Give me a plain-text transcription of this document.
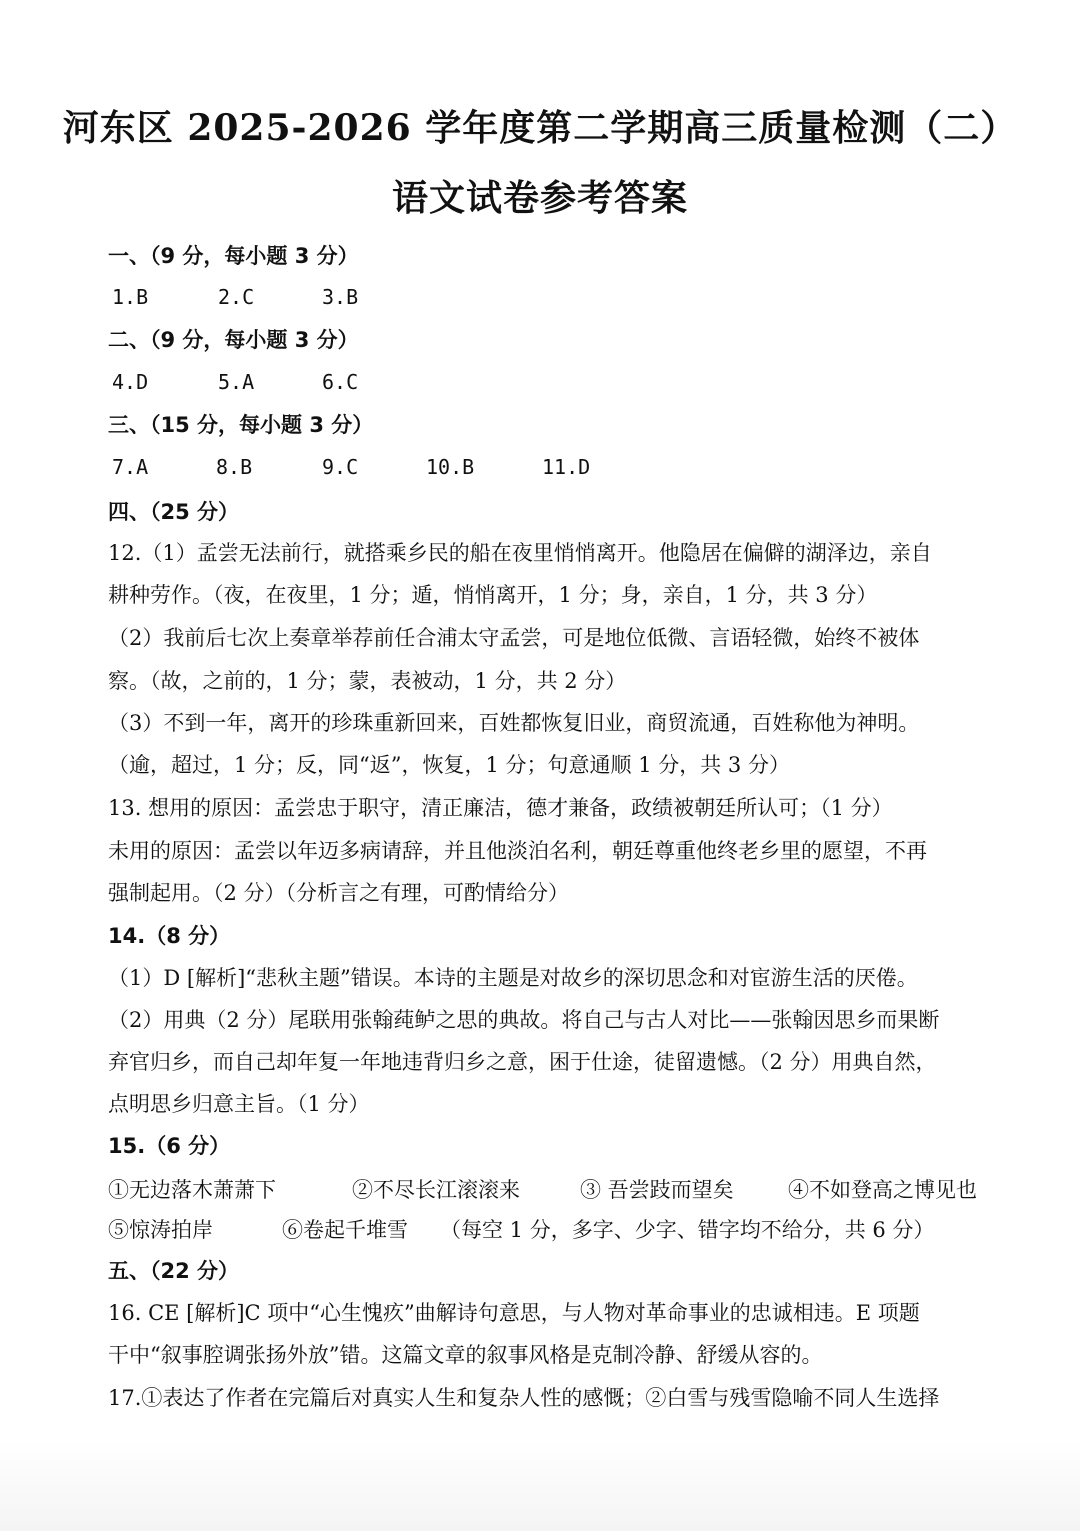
河东区 2025-2026 学年度第二学期高三质量检测（二）
语文试卷参考答案
一、（9 分，每小题 3 分）
1.B	2.C	3.B
二、（9 分，每小题 3 分）
4.D	5.A	6.C
三、（15 分，每小题 3 分）
7.A	8.B	9.C	10.B	11.D
四、（25 分）
12.（1）孟尝无法前行，就搭乘乡民的船在夜里悄悄离开。他隐居在偏僻的湖泽边，亲自
耕种劳作。（夜，在夜里，1 分；遁，悄悄离开，1 分；身，亲自，1 分，共 3 分）
（2）我前后七次上奏章举荐前任合浦太守孟尝，可是地位低微、言语轻微，始终不被体
察。（故，之前的，1 分；蒙，表被动，1 分，共 2 分）
（3）不到一年，离开的珍珠重新回来，百姓都恢复旧业，商贸流通，百姓称他为神明。
（逾，超过，1 分；反，同“返”，恢复，1 分；句意通顺 1 分，共 3 分）
13. 想用的原因：孟尝忠于职守，清正廉洁，德才兼备，政绩被朝廷所认可；（1 分）
未用的原因：孟尝以年迈多病请辞，并且他淡泊名利，朝廷尊重他终老乡里的愿望，不再
强制起用。（2 分）（分析言之有理，可酌情给分）
14.（8 分）
（1）D [解析]“悲秋主题”错误。本诗的主题是对故乡的深切思念和对宦游生活的厌倦。
（2）用典（2 分）尾联用张翰莼鲈之思的典故。将自己与古人对比——张翰因思乡而果断
弃官归乡，而自己却年复一年地违背归乡之意，困于仕途，徒留遗憾。（2 分）用典自然，
点明思乡归意主旨。（1 分）
15.（6 分）
①无边落木萧萧下	②不尽长江滚滚来	③ 吾尝跂而望矣	④不如登高之博见也
⑤惊涛拍岸	⑥卷起千堆雪 （每空 1 分，多字、少字、错字均不给分，共 6 分）
五、（22 分）
16. CE [解析]C 项中“心生愧疚”曲解诗句意思，与人物对革命事业的忠诚相违。E 项题
干中“叙事腔调张扬外放”错。这篇文章的叙事风格是克制冷静、舒缓从容的。
17.①表达了作者在完篇后对真实人生和复杂人性的感慨；②白雪与残雪隐喻不同人生选择
